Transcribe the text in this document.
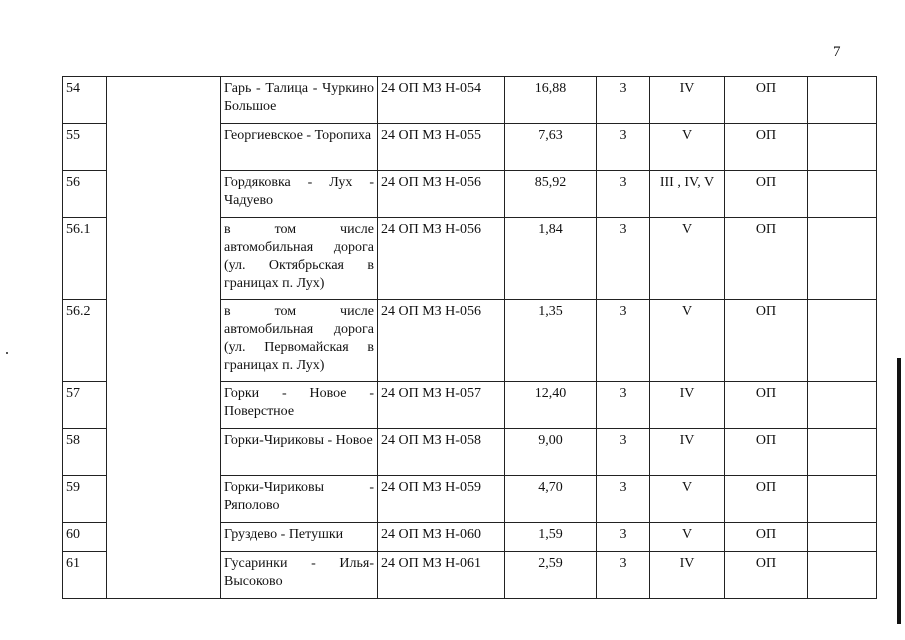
7
54		Гарь - Талица - Чуркино Большое	24 ОП МЗ Н-054	16,88	3	IV	ОП	
55		Георгиевское - Торопиха	24 ОП МЗ Н-055	7,63	3	V	ОП	
56		Гордяковка - Лух - Чадуево	24 ОП МЗ Н-056	85,92	3	III , IV, V	ОП	
56.1		в том числе автомобильная дорога (ул. Октябрьская в границах п. Лух)	24 ОП МЗ Н-056	1,84	3	V	ОП	
56.2		в том числе автомобильная дорога (ул. Первомайская в границах п. Лух)	24 ОП МЗ Н-056	1,35	3	V	ОП	
57		Горки - Новое - Поверстное	24 ОП МЗ Н-057	12,40	3	IV	ОП	
58		Горки-Чириковы - Новое	24 ОП МЗ Н-058	9,00	3	IV	ОП	
59		Горки-Чириковы - Ряполово	24 ОП МЗ Н-059	4,70	3	V	ОП	
60		Груздево - Петушки	24 ОП МЗ Н-060	1,59	3	V	ОП	
61		Гусаринки - Илья-Высоково	24 ОП МЗ Н-061	2,59	3	IV	ОП	
